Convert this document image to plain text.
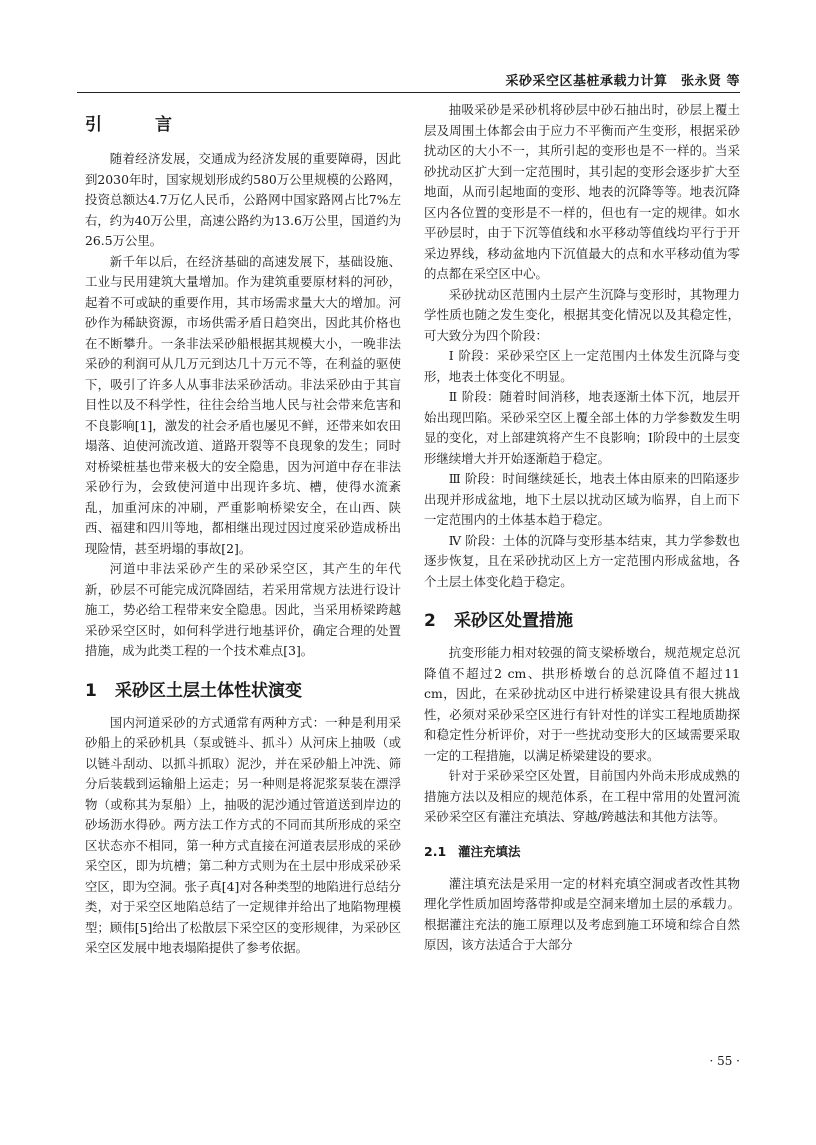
采砂采空区基桩承载力计算　张永贤 等
引　言

随着经济发展，交通成为经济发展的重要障碍，因此到2030年时，国家规划形成约580万公里规模的公路网，投资总额达4.7万亿人民币，公路网中国家路网占比7%左右，约为40万公里，高速公路约为13.6万公里，国道约为26.5万公里。

新千年以后，在经济基础的高速发展下，基础设施、工业与民用建筑大量增加。作为建筑重要原材料的河砂，起着不可或缺的重要作用，其市场需求量大大的增加。河砂作为稀缺资源，市场供需矛盾日趋突出，因此其价格也在不断攀升。一条非法采砂船根据其规模大小，一晚非法采砂的利润可从几万元到达几十万元不等，在利益的驱使下，吸引了许多人从事非法采砂活动。非法采砂由于其盲目性以及不科学性，往往会给当地人民与社会带来危害和不良影响[1]，激发的社会矛盾也屡见不鲜，还带来如农田塌落、迫使河流改道、道路开裂等不良现象的发生；同时对桥梁桩基也带来极大的安全隐患，因为河道中存在非法采砂行为，会致使河道中出现许多坑、槽，使得水流紊乱，加重河床的冲刷，严重影响桥梁安全，在山西、陕西、福建和四川等地，都相继出现过因过度采砂造成桥出现险情，甚至坍塌的事故[2]。

河道中非法采砂产生的采砂采空区，其产生的年代新，砂层不可能完成沉降固结，若采用常规方法进行设计施工，势必给工程带来安全隐患。因此，当采用桥梁跨越采砂采空区时，如何科学进行地基评价，确定合理的处置措施，成为此类工程的一个技术难点[3]。

1 采砂区土层土体性状演变

国内河道采砂的方式通常有两种方式：一种是利用采砂船上的采砂机具（泵或链斗、抓斗）从河床上抽吸（或以链斗刮动、以抓斗抓取）泥沙，并在采砂船上冲洗、筛分后装载到运输船上运走；另一种则是将泥浆泵装在漂浮物（或称其为泵船）上，抽吸的泥沙通过管道送到岸边的砂场沥水得砂。两方法工作方式的不同而其所形成的采空区状态亦不相同，第一种方式直接在河道表层形成的采砂采空区，即为坑槽；第二种方式则为在土层中形成采砂采空区，即为空洞。张子真[4]对各种类型的地陷进行总结分类，对于采空区地陷总结了一定规律并给出了地陷物理模型；顾伟[5]给出了松散层下采空区的变形规律，为采砂区采空区发展中地表塌陷提供了参考依据。

抽吸采砂是采砂机将砂层中砂石抽出时，砂层上覆土层及周围土体都会由于应力不平衡而产生变形，根据采砂扰动区的大小不一，其所引起的变形也是不一样的。当采砂扰动区扩大到一定范围时，其引起的变形会逐步扩大至地面，从而引起地面的变形、地表的沉降等等。地表沉降区内各位置的变形是不一样的，但也有一定的规律。如水平砂层时，由于下沉等值线和水平移动等值线均平行于开采边界线，移动盆地内下沉值最大的点和水平移动值为零的点都在采空区中心。

采砂扰动区范围内土层产生沉降与变形时，其物理力学性质也随之发生变化，根据其变化情况以及其稳定性，可大致分为四个阶段：

Ⅰ 阶段：采砂采空区上一定范围内土体发生沉降与变形，地表土体变化不明显。

Ⅱ 阶段：随着时间消移，地表逐渐土体下沉，地层开始出现凹陷。采砂采空区上覆全部土体的力学参数发生明显的变化，对上部建筑将产生不良影响；Ⅰ阶段中的土层变形继续增大并开始逐渐趋于稳定。

Ⅲ 阶段：时间继续延长，地表土体由原来的凹陷逐步出现并形成盆地，地下土层以扰动区域为临界，自上而下一定范围内的土体基本趋于稳定。

Ⅳ 阶段：土体的沉降与变形基本结束，其力学参数也逐步恢复，且在采砂扰动区上方一定范围内形成盆地，各个土层土体变化趋于稳定。

2 采砂区处置措施

抗变形能力相对较强的简支梁桥墩台，规范规定总沉降值不超过2 cm、拱形桥墩台的总沉降值不超过11 cm，因此，在采砂扰动区中进行桥梁建设具有很大挑战性，必须对采砂采空区进行有针对性的详实工程地质勘探和稳定性分析评价，对于一些扰动变形大的区域需要采取一定的工程措施，以满足桥梁建设的要求。

针对于采砂采空区处置，目前国内外尚未形成成熟的措施方法以及相应的规范体系，在工程中常用的处置河流采砂采空区有灌注充填法、穿越/跨越法和其他方法等。

2.1 灌注充填法

灌注填充法是采用一定的材料充填空洞或者改性其物理化学性质加固垮落带抑或是空洞来增加土层的承载力。根据灌注充法的施工原理以及考虑到施工环境和综合自然原因，该方法适合于大部分

· 55 ·
